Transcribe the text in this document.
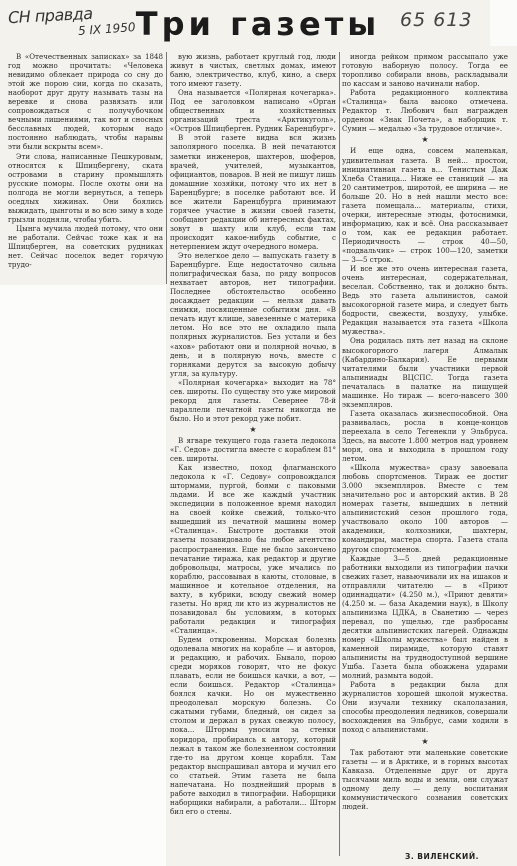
СН правда
5 IX 1950	65 613
Три газеты

В «Отечественных записках» за 1848 год можно прочитать: «Человека невидимо облекает природа со сну до этой же порою сии, когда по сказать, наоборот друг другу называть тазы на веревке и снова развязать или сопровождаться с получубочком вечными лишениями, так вот и сносных бесславных людей, которым надо постоянно наблюдать, чтобы нарывы эти были вскрыты всем».

Эти слова, написанные Пешкуровым, относятся к Шпицбергену, ската островами в старину промышлять русские поморы. После охоты они на полгода не могли вернуться, а теперь оседлых хижинах. Они боялись выжидать, цынготы и во всю зиму в ходе грызли подняли, чтобы убить.

Цынга мучила людей потому, что они не работали. Сейчас тоже как и на Шпицберген, на советских рудниках нет. Сейчас поселок ведет горячую трудо-

вую жизнь, работает круглый год, люди живут в чистых, светлых домах, имеют баню, электричество, клуб, кино, а сверх того имеют газету.

Она называется «Полярная кочегарка». Под ее заголовком написано «Орган общественных и хозяйственных организаций треста «Арктикуголь», «Остров Шпицберген. Рудник Баренцбург».

В этой газете видна вся жизнь заполярного поселка. В ней печатаются заметки инженеров, шахтеров, шоферов, врачей, учителей, музыкантов, официантов, поваров. В ней не пишут лишь домашние хозяйки, потому что их нет в Баренцбурге; в поселке работают все. И все жители Баренцбурга принимают горячее участие в жизни своей газеты, сообщают редакции об интересных фактах, зовут в шахту или клуб, если там происходит какое-нибудь событие, с нетерпением ждут очередного номера.

Это нелегкое дело — выпускать газету в Баренцбурге. Еще недостаточно сильна полиграфическая база, по ряду вопросов нехватает авторов, нет типографии. Последнее обстоятельство особенно досаждает редакции — нельзя давать снимки, посвященные событиям дня. «В печать идут клише, завезенные с материка летом. Но все это не охладило пыла полярных журналистов. Без устали и без «ахов» работают они и полярной ночью, в день, и в полярную ночь, вместе с горняками дерутся за высокую добычу угля, за культуру.

«Полярная кочегарка» выходит на 78° сев. широты. По существу это уже мировой рекорд для газеты. Севернее 78-й параллели печатной газеты никогда не было. Но и этот рекорд уже побит.

★

В ягваре текущего года газета ледокола «Г. Седов» достигла вместе с кораблем 81° сев. широты.

Как известно, поход флагманского ледокола к «Г. Седову» сопровождался штормами, пургой, боями с паковыми льдами. И все же каждый участник экспедиции в положенное время находил на своей койке свежий, только-что вышедший из печатной машины номер «Сталинца». Быстроте доставки этой газеты позавидовало бы любое агентство распространения. Еще не было закончено печатание тиража, как редактор и другие добровольцы, матросы, уже мчались по кораблю, рассовывая в каюты, столовые, в машинное и котельное отделения, на вахту, в кубрики, всюду свежий номер газеты. Но вряд ли кто из журналистов не позавидовал бы условиям, в которых работали редакция и типография «Сталинца».

Будем откровенны. Морская болезнь одолевала многих на корабле — и авторов, и редакцию, и рабочих. Бывало, порою среди моряков говорят, что не фокус плавать, если не боишься качки, а вот, — если боишься. Редактор «Сталинца» боялся качки. Но он мужественно преодолевал морскую болезнь. Со сжатыми губами, бледный, он сидел за столом и держал в руках свежую полосу, пока... Штормы уносили за стенки коридора, пробираясь к автору, который лежал в таком же болезненном состоянии где-то на другом конце корабля. Там редактор выспрашивал автора и мучил его со статьей. Этим газета не была напечатана. Но позднейший прорыв в работе выходил в типографии. Наборщики наборщики набирали, а работали... Шторм бил его о стены.

иногда рейком прямом рассыпало уже готовую наборную полосу. Тогда ее торопливо собирали вновь, раскладывали по кассам и заново начинали набор.

Работа редакционного коллектива «Сталинца» была высоко отмечена. Редактор т. Любович был награжден орденом «Знак Почета», а наборщик т. Сумин — медалью «За трудовое отличие».

★

И еще одна, совсем маленькая, удивительная газета. В ней... простои, инициативная газета в... Тенистым Даж Хлеба Станица... Ниже ее станиций — на 20 сантиметров, широтой, ее ширина — не больше 20. Но в ней нашли место все: газета помещала... материалы, стихи, очерки, интересные этюды, фотоснимки, информацию, как и всё. Она рассказывает о том, как ее редакция работает. Периодичность — строк 40—50, «подвальчик» — строк 100—120, заметки — 3—5 строк.

И все же это очень интересная газета, очень интересная, содержательная, веселая. Собственно, так и должно быть. Ведь это газета альпинистов, самой высокогорной газете мира, и следует быть бодрости, свежести, воздуху, улыбке. Редакция называется эта газета «Школа мужества».

Она родилась пять лет назад на склоне высокогорного лагеря Алмалык (Кабардино-Балкария). Ее первыми читателями были участники первой альпиниады ВЦСПС. Тогда газета печаталась в палатке на пишущей машинке. Но тираж — всего-навсего 300 экземпляров.

Газета оказалась жизнеспособной. Она развивалась, росла в конце-концов переехала в село Тегенекли у Эльбруса. Здесь, на высоте 1.800 метров над уровнем моря, она и выходила в прошлом году летом.

«Школа мужества» сразу завоевала любовь спортсменов. Тираж ее достиг 3.000 экземпляров. Вместе с тем значительно рос и авторский актив. В 28 номерах газеты, вышедших в летний альпинистский сезон прошлого года, участвовало около 100 авторов — академики, колхозники, шахтеры, командиры, мастера спорта. Газета стала другом спортсменов.

Каждые 3—5 дней редакционные работники выходили из типографии пачки свежих газет, навьючивали их на ишаков и отправляли читателю — в «Приют одиннадцати» (4.250 м.), «Приют девяти» (4.250 м. — база Академии наук), в Школу альпинизма ЦДКА, в Сванетию — через перевал, по ущелью, где разбросаны десятки альпинистских лагерей. Однажды номер «Школы мужества» был найден в каменной пирамиде, которую ставят альпинисты на труднодоступной вершине Ушба. Газета была обожжена ударами молний, размыта водой.

Работа в редакции была для журналистов хорошей школой мужества. Они изучали технику скалолазания, способы преодоления ледников, совершали восхождения на Эльбрус, сами ходили в поход с альпинистами.

★

Так работают эти маленькие советские газеты — и в Арктике, и в горных высотах Кавказа. Отделенные друг от друга тысячами миль воды и земли, они служат одному делу — делу воспитания коммунистического сознания советских людей.

З. ВИЛЕНСКИЙ.
